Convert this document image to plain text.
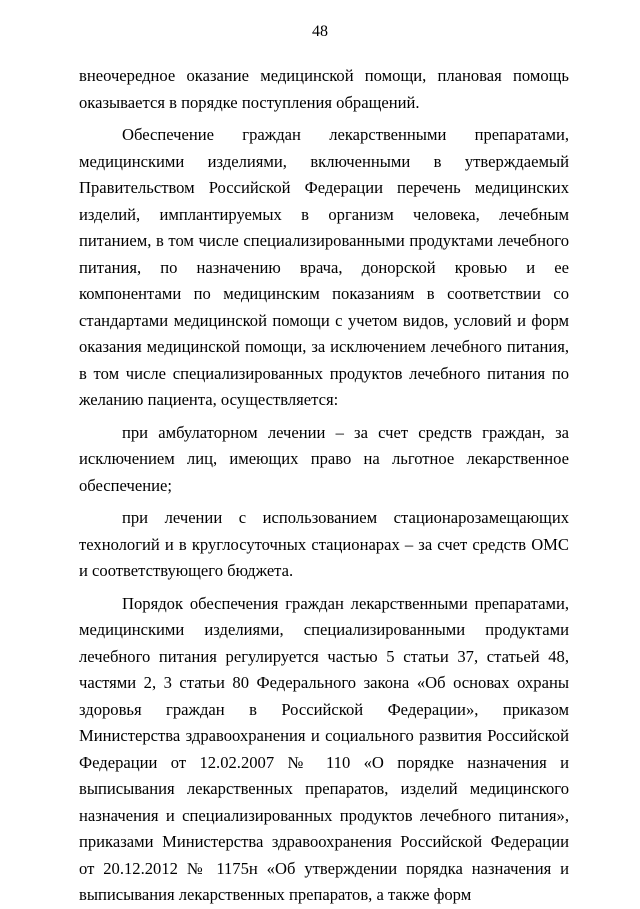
48

внеочередное оказание медицинской помощи, плановая помощь оказывается в порядке поступления обращений.

Обеспечение граждан лекарственными препаратами, медицинскими изделиями, включенными в утверждаемый Правительством Российской Федерации перечень медицинских изделий, имплантируемых в организм человека, лечебным питанием, в том числе специализированными продуктами лечебного питания, по назначению врача, донорской кровью и ее компонентами по медицинским показаниям в соответствии со стандартами медицинской помощи с учетом видов, условий и форм оказания медицинской помощи, за исключением лечебного питания, в том числе специализированных продуктов лечебного питания по желанию пациента, осуществляется:

при амбулаторном лечении – за счет средств граждан, за исключением лиц, имеющих право на льготное лекарственное обеспечение;

при лечении с использованием стационарозамещающих технологий и в круглосуточных стационарах – за счет средств ОМС и соответствующего бюджета.

Порядок обеспечения граждан лекарственными препаратами, медицинскими изделиями, специализированными продуктами лечебного питания регулируется частью 5 статьи 37, статьей 48, частями 2, 3 статьи 80 Федерального закона «Об основах охраны здоровья граждан в Российской Федерации», приказом Министерства здравоохранения и социального развития Российской Федерации от 12.02.2007 № 110 «О порядке назначения и выписывания лекарственных препаратов, изделий медицинского назначения и специализированных продуктов лечебного питания», приказами Министерства здравоохранения Российской Федерации от 20.12.2012 № 1175н «Об утверждении порядка назначения и выписывания лекарственных препаратов, а также форм
